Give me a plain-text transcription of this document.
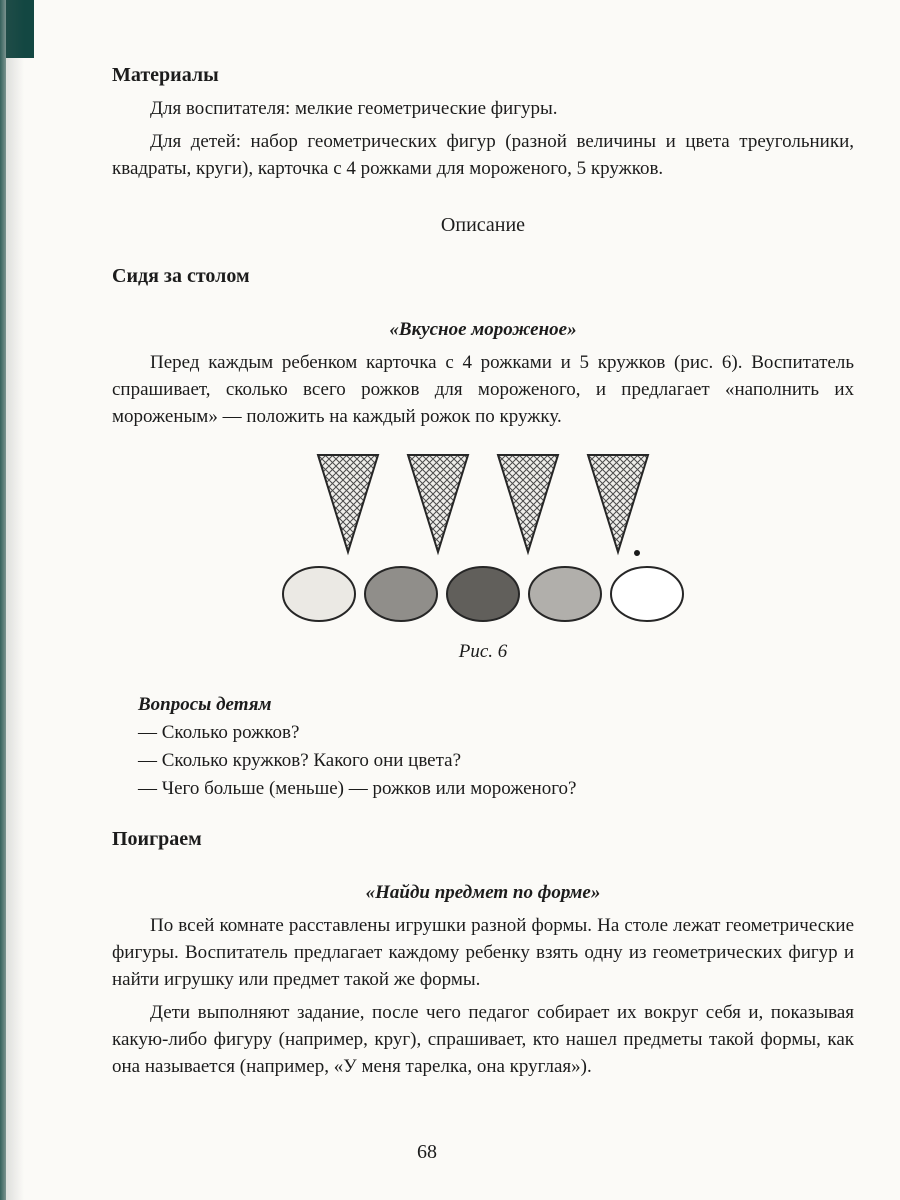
Материалы

Для воспитателя: мелкие геометрические фигуры.

Для детей: набор геометрических фигур (разной величины и цвета треугольники, квадраты, круги), карточка с 4 рожками для мороженого, 5 кружков.

Описание

Сидя за столом

«Вкусное мороженое»

Перед каждым ребенком карточка с 4 рожками и 5 кружков (рис. 6). Воспитатель спрашивает, сколько всего рожков для мороженого, и предлагает «наполнить их мороженым» — положить на каждый рожок по кружку.

Рис. 6

Вопросы детям

— Сколько рожков?

— Сколько кружков? Какого они цвета?

— Чего больше (меньше) — рожков или мороженого?

Поиграем

«Найди предмет по форме»

По всей комнате расставлены игрушки разной формы. На столе лежат геометрические фигуры. Воспитатель предлагает каждому ребенку взять одну из геометрических фигур и найти игрушку или предмет такой же формы.

Дети выполняют задание, после чего педагог собирает их вокруг себя и, показывая какую-либо фигуру (например, круг), спрашивает, кто нашел предметы такой формы, как она называется (например, «У меня тарелка, она круглая»).

68
